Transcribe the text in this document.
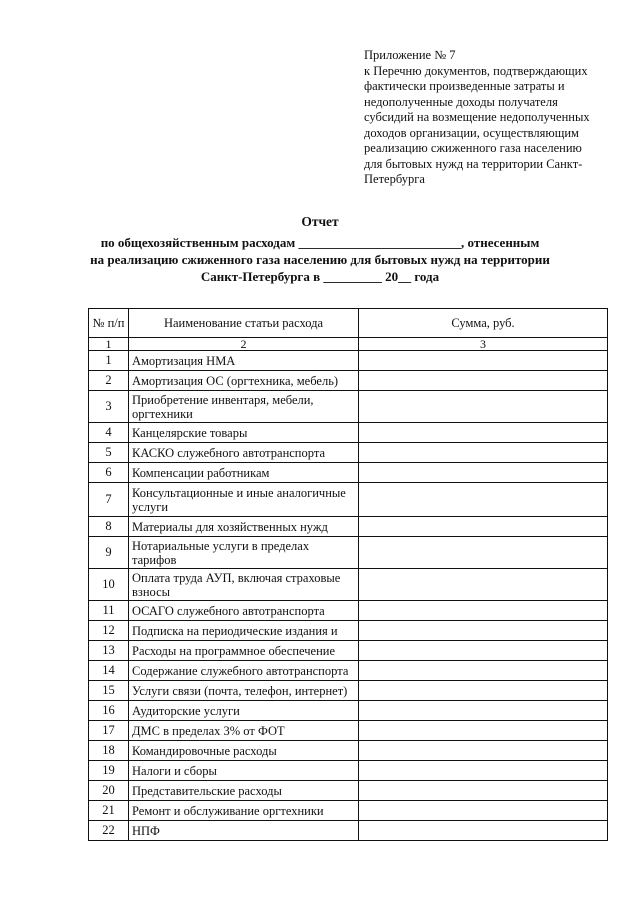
Приложение № 7
к Перечню документов, подтверждающих
фактически произведенные затраты и
недополученные доходы получателя
субсидий на возмещение недополученных
доходов организации, осуществляющим
реализацию сжиженного газа населению
для бытовых нужд на территории Санкт-
Петербурга
Отчет
по общехозяйственным расходам _________________________, отнесенным
на реализацию сжиженного газа населению для бытовых нужд на территории
Санкт-Петербурга в _________ 20__ года
№ п/п	Наименование статьи расхода	Сумма, руб.
1	2	3
1	Амортизация НМА	
2	Амортизация ОС (оргтехника, мебель)	
3	Приобретение инвентаря, мебели, оргтехники	
4	Канцелярские товары	
5	КАСКО служебного автотранспорта	
6	Компенсации работникам	
7	Консультационные и иные аналогичные услуги	
8	Материалы для хозяйственных нужд	
9	Нотариальные услуги в пределах тарифов	
10	Оплата труда АУП, включая страховые взносы	
11	ОСАГО служебного автотранспорта	
12	Подписка на периодические издания и	
13	Расходы на программное обеспечение	
14	Содержание служебного автотранспорта	
15	Услуги связи (почта, телефон, интернет)	
16	Аудиторские услуги	
17	ДМС в пределах 3% от ФОТ	
18	Командировочные расходы	
19	Налоги и сборы	
20	Представительские расходы	
21	Ремонт и обслуживание оргтехники	
22	НПФ	
